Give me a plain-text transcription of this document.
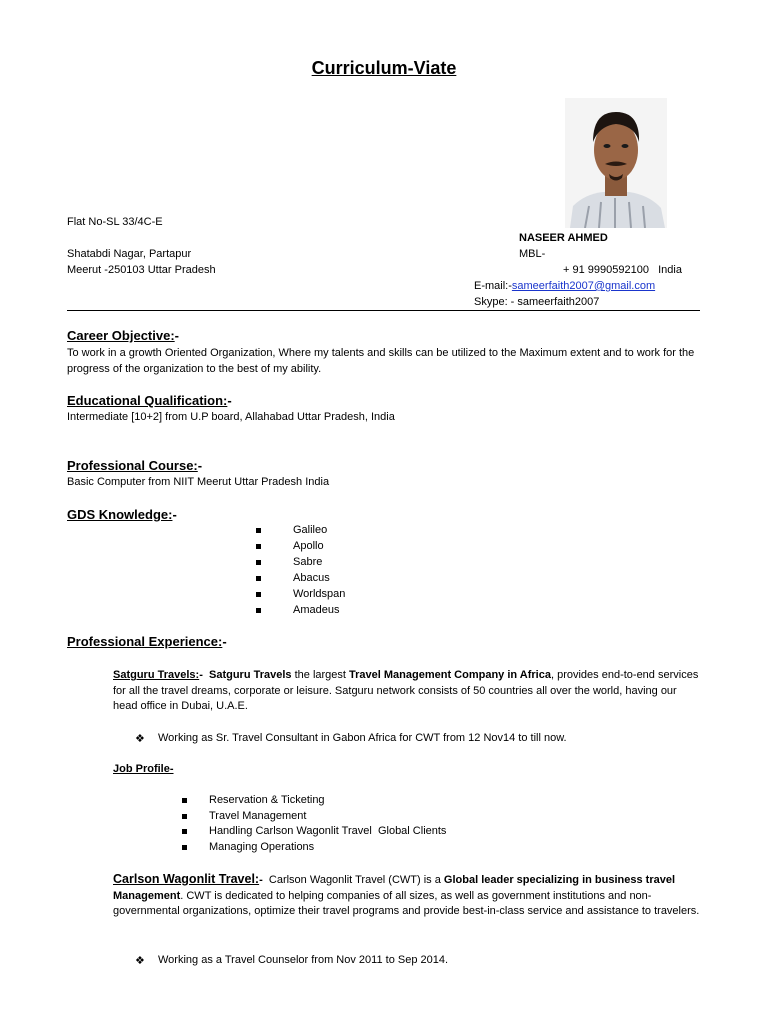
Curriculum-Viate
Flat No-SL 33/4C-E
Shatabdi Nagar, Partapur
Meerut -250103 Uttar Pradesh
NASEER AHMED
MBL-
+ 91 9990592100   India
E-mail:-sameerfaith2007@gmail.com
Skype: - sameerfaith2007
Career Objective:-
To work in a growth Oriented Organization, Where my talents and skills can be utilized to the Maximum extent and to work for the progress of the organization to the best of my ability.
Educational Qualification:-
Intermediate [10+2] from U.P board, Allahabad Uttar Pradesh, India
Professional Course:-
Basic Computer from NIIT Meerut Uttar Pradesh India
GDS Knowledge:-
Galileo
Apollo
Sabre
Abacus
Worldspan
Amadeus
Professional Experience:-
Satguru Travels:- Satguru Travels the largest Travel Management Company in Africa, provides end-to-end services for all the travel dreams, corporate or leisure. Satguru network consists of 50 countries all over the world, having our head office in Dubai, U.A.E.
❖ Working as Sr. Travel Consultant in Gabon Africa for CWT from 12 Nov14 to till now.
Job Profile-
Reservation & Ticketing
Travel Management
Handling Carlson Wagonlit Travel  Global Clients
Managing Operations
Carlson Wagonlit Travel:- Carlson Wagonlit Travel (CWT) is a Global leader specializing in business travel Management. CWT is dedicated to helping companies of all sizes, as well as government institutions and non-governmental organizations, optimize their travel programs and provide best-in-class service and assistance to travelers.
❖ Working as a Travel Counselor from Nov 2011 to Sep 2014.
